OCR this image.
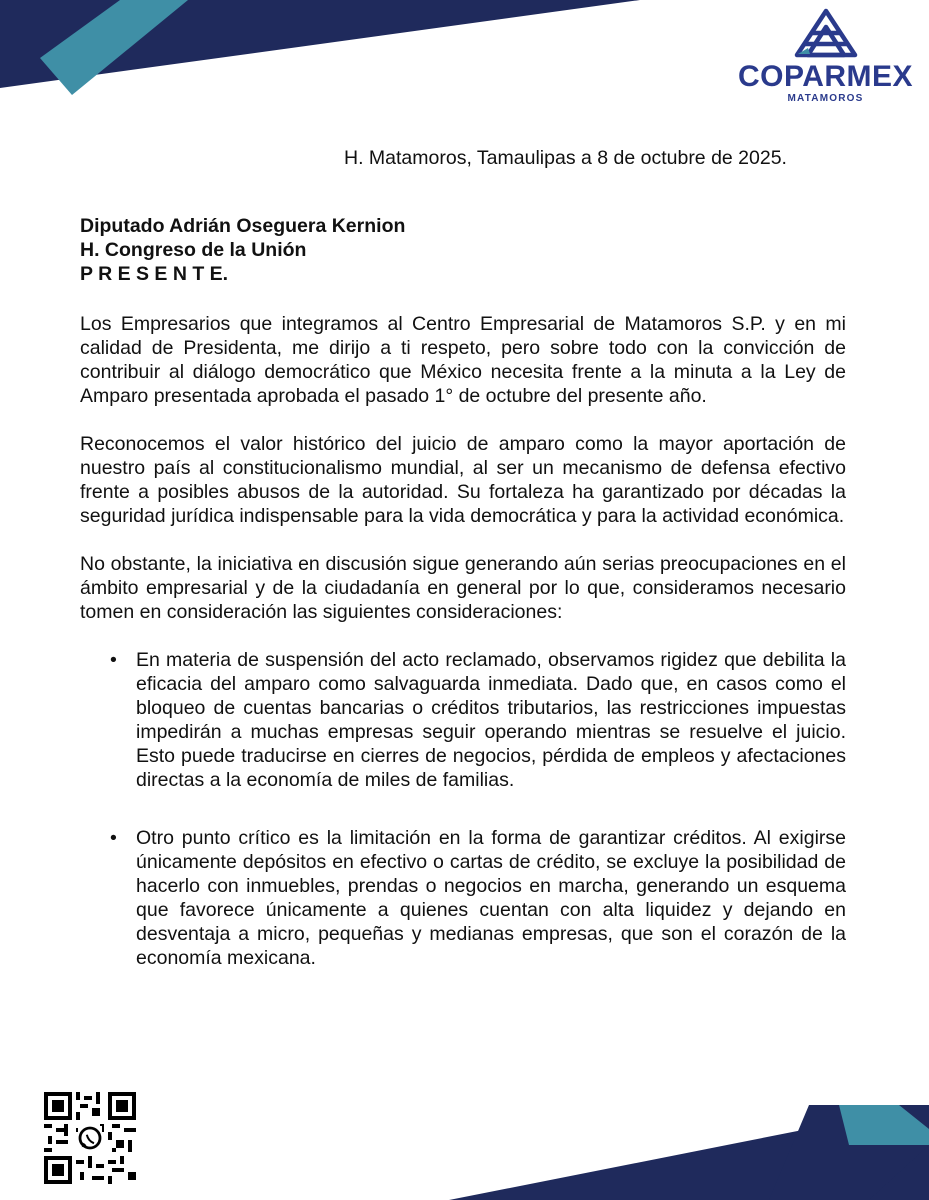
COPARMEX
MATAMOROS
H. Matamoros, Tamaulipas a 8 de octubre de 2025.
Diputado Adrián Oseguera Kernion
H. Congreso de la Unión
P R E S E N T E.

Los Empresarios que integramos al Centro Empresarial de Matamoros S.P. y en mi calidad de Presidenta, me dirijo a ti respeto, pero sobre todo con la convicción de contribuir al diálogo democrático que México necesita frente a la minuta a la Ley de Amparo presentada aprobada el pasado 1° de octubre del presente año.

Reconocemos el valor histórico del juicio de amparo como la mayor aportación de nuestro país al constitucionalismo mundial, al ser un mecanismo de defensa efectivo frente a posibles abusos de la autoridad. Su fortaleza ha garantizado por décadas la seguridad jurídica indispensable para la vida democrática y para la actividad económica.

No obstante, la iniciativa en discusión sigue generando aún serias preocupaciones en el ámbito empresarial y de la ciudadanía en general por lo que, consideramos necesario tomen en consideración las siguientes consideraciones:

• En materia de suspensión del acto reclamado, observamos rigidez que debilita la eficacia del amparo como salvaguarda inmediata. Dado que, en casos como el bloqueo de cuentas bancarias o créditos tributarios, las restricciones impuestas impedirán a muchas empresas seguir operando mientras se resuelve el juicio. Esto puede traducirse en cierres de negocios, pérdida de empleos y afectaciones directas a la economía de miles de familias.
• Otro punto crítico es la limitación en la forma de garantizar créditos. Al exigirse únicamente depósitos en efectivo o cartas de crédito, se excluye la posibilidad de hacerlo con inmuebles, prendas o negocios en marcha, generando un esquema que favorece únicamente a quienes cuentan con alta liquidez y dejando en desventaja a micro, pequeñas y medianas empresas, que son el corazón de la economía mexicana.
